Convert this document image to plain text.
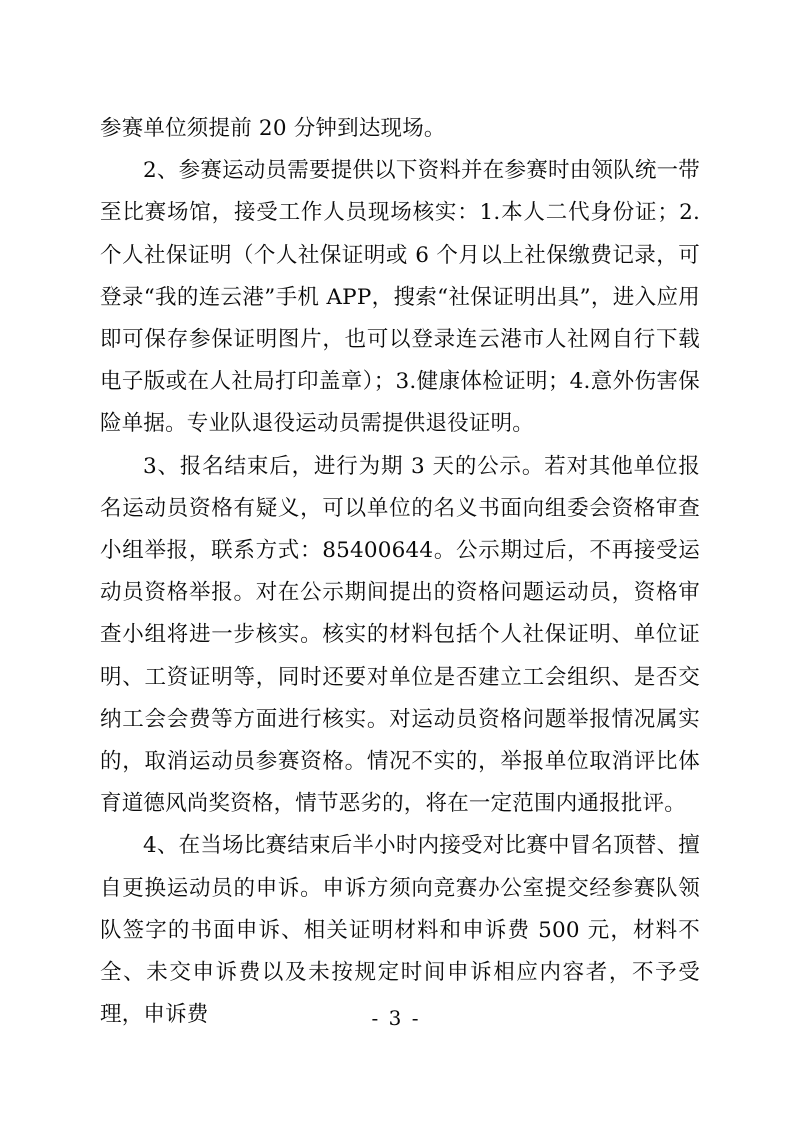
参赛单位须提前 20 分钟到达现场。

2、参赛运动员需要提供以下资料并在参赛时由领队统一带至比赛场馆，接受工作人员现场核实：1.本人二代身份证；2.个人社保证明（个人社保证明或 6 个月以上社保缴费记录，可登录“我的连云港”手机 APP，搜索“社保证明出具”，进入应用即可保存参保证明图片，也可以登录连云港市人社网自行下载电子版或在人社局打印盖章）；3.健康体检证明；4.意外伤害保险单据。专业队退役运动员需提供退役证明。

3、报名结束后，进行为期 3 天的公示。若对其他单位报名运动员资格有疑义，可以单位的名义书面向组委会资格审查小组举报，联系方式：85400644。公示期过后，不再接受运动员资格举报。对在公示期间提出的资格问题运动员，资格审查小组将进一步核实。核实的材料包括个人社保证明、单位证明、工资证明等，同时还要对单位是否建立工会组织、是否交纳工会会费等方面进行核实。对运动员资格问题举报情况属实的，取消运动员参赛资格。情况不实的，举报单位取消评比体育道德风尚奖资格，情节恶劣的，将在一定范围内通报批评。

4、在当场比赛结束后半小时内接受对比赛中冒名顶替、擅自更换运动员的申诉。申诉方须向竞赛办公室提交经参赛队领队签字的书面申诉、相关证明材料和申诉费 500 元，材料不全、未交申诉费以及未按规定时间申诉相应内容者，不予受理，申诉费	- 3 -
